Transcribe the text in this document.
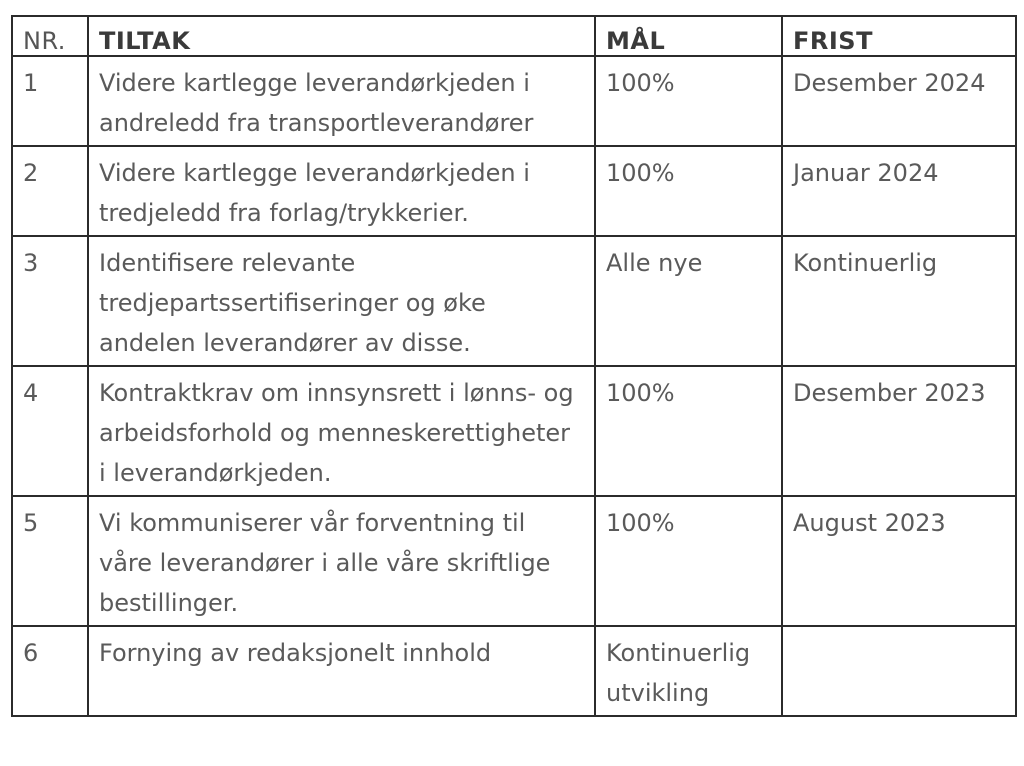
NR.	TILTAK	MÅL	FRIST
1	Videre kartlegge leverandørkjeden i andreledd fra transportleverandører	100%	Desember 2024
2	Videre kartlegge leverandørkjeden i tredjeledd fra forlag/trykkerier.	100%	Januar 2024
3	Identifisere relevante tredjepartssertifiseringer og øke andelen leverandører av disse.	Alle nye	Kontinuerlig
4	Kontraktkrav om innsynsrett i lønns- og arbeidsforhold og menneskerettigheter i leverandørkjeden.	100%	Desember 2023
5	Vi kommuniserer vår forventning til våre leverandører i alle våre skriftlige bestillinger.	100%	August 2023
6	Fornying av redaksjonelt innhold	Kontinuerlig utvikling	
